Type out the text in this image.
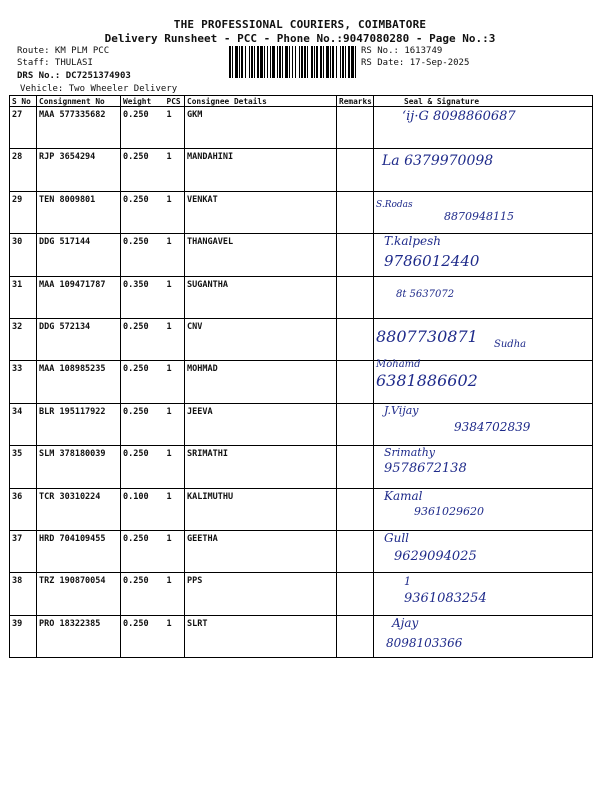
THE PROFESSIONAL COURIERS, COIMBATORE
Delivery Runsheet - PCC - Phone No.:9047080280 - Page No.:3
Route: KM PLM PCC
Staff: THULASI
DRS No.: DC7251374903
Vehicle: Two Wheeler Delivery
RS No.: 1613749
RS Date: 17-Sep-2025
S No	Consignment No	Weight	PCS	Consignee Details	Remarks	Seal & Signature
27	MAA 577335682	0.250	1	GKM		‘ij·G 8098860687

28	RJP 3654294	0.250	1	MANDAHINI		La 6379970098

29	TEN 8009801	0.250	1	VENKAT		S.Rodas
8870948115

30	DDG 517144	0.250	1	THANGAVEL		T.kalpesh
9786012440

31	MAA 109471787	0.350	1	SUGANTHA		8t 5637072

32	DDG 572134	0.250	1	CNV		8807730871 Sudha

33	MAA 108985235	0.250	1	MOHMAD		Mohamd
6381886602

34	BLR 195117922	0.250	1	JEEVA		J.Vijay
9384702839

35	SLM 378180039	0.250	1	SRIMATHI		Srimathy
9578672138

36	TCR 30310224	0.100	1	KALIMUTHU		Kamal
9361029620

37	HRD 704109455	0.250	1	GEETHA		Gull
9629094025

38	TRZ 190870054	0.250	1	PPS		1
9361083254

39	PRO 18322385	0.250	1	SLRT		Ajay
8098103366
